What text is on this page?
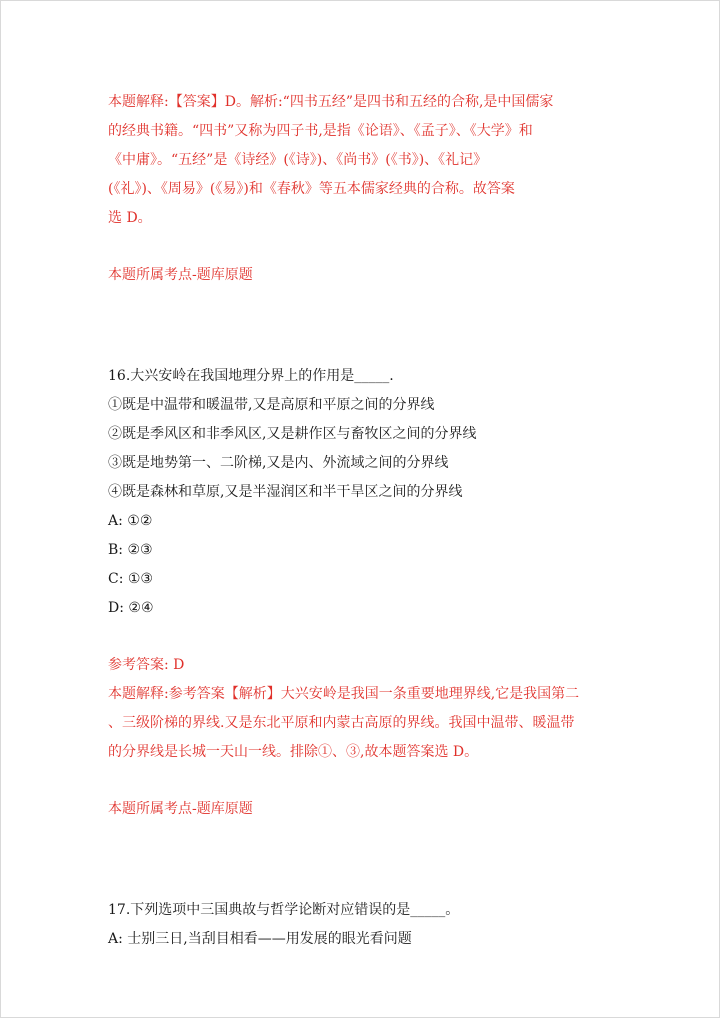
本题解释:【答案】D。解析:“四书五经”是四书和五经的合称,是中国儒家

的经典书籍。“四书”又称为四子书,是指《论语》、《孟子》、《大学》和

《中庸》。“五经”是《诗经》(《诗》)、《尚书》(《书》)、《礼记》

(《礼》)、《周易》(《易》)和《春秋》等五本儒家经典的合称。故答案

选 D。

本题所属考点-题库原题

16.大兴安岭在我国地理分界上的作用是_____.

①既是中温带和暖温带,又是高原和平原之间的分界线

②既是季风区和非季风区,又是耕作区与畜牧区之间的分界线

③既是地势第一、二阶梯,又是内、外流域之间的分界线

④既是森林和草原,又是半湿润区和半干旱区之间的分界线

A: ①②

B: ②③

C: ①③

D: ②④

参考答案: D

本题解释:参考答案【解析】大兴安岭是我国一条重要地理界线,它是我国第二

、三级阶梯的界线.又是东北平原和内蒙古高原的界线。我国中温带、暖温带

的分界线是长城一天山一线。排除①、③,故本题答案选 D。

本题所属考点-题库原题

17.下列选项中三国典故与哲学论断对应错误的是_____。

A: 士别三日,当刮目相看——用发展的眼光看问题
